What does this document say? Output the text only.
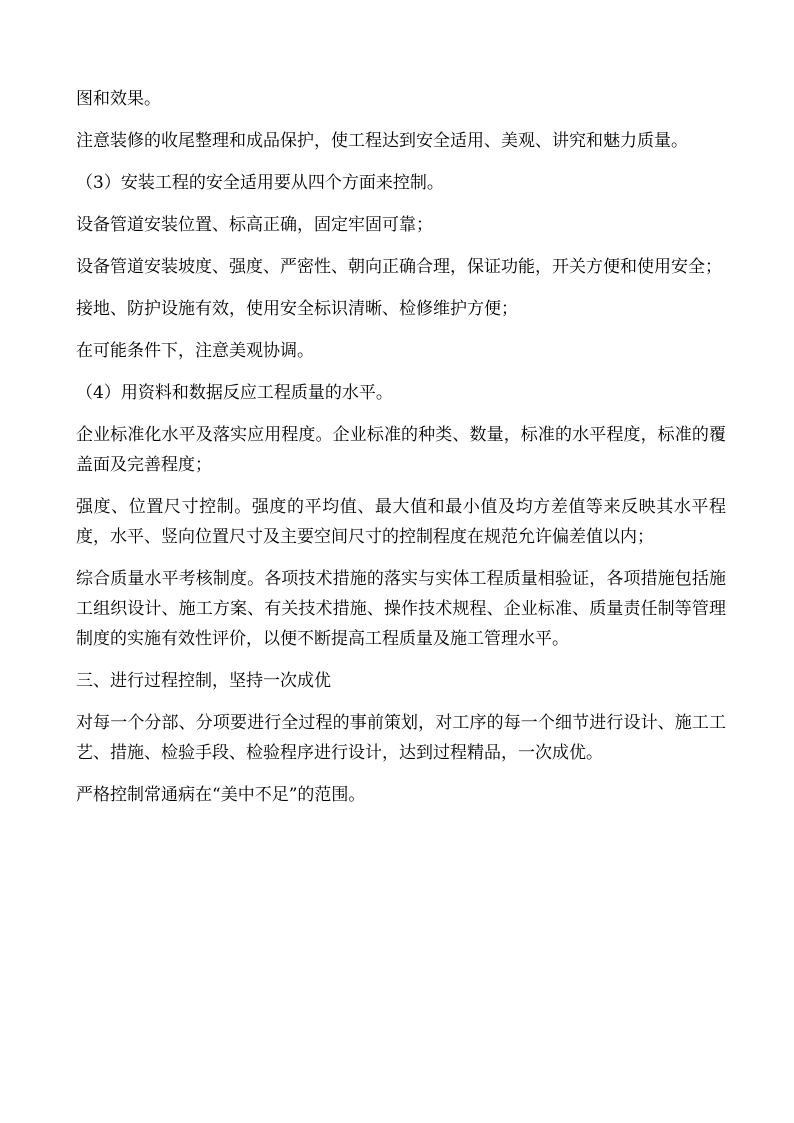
图和效果。

注意装修的收尾整理和成品保护，使工程达到安全适用、美观、讲究和魅力质量。

（3）安装工程的安全适用要从四个方面来控制。

设备管道安装位置、标高正确，固定牢固可靠；

设备管道安装坡度、强度、严密性、朝向正确合理，保证功能，开关方便和使用安全；

接地、防护设施有效，使用安全标识清晰、检修维护方便；

在可能条件下，注意美观协调。

（4）用资料和数据反应工程质量的水平。

企业标准化水平及落实应用程度。企业标准的种类、数量，标准的水平程度，标准的覆盖面及完善程度；

强度、位置尺寸控制。强度的平均值、最大值和最小值及均方差值等来反映其水平程度，水平、竖向位置尺寸及主要空间尺寸的控制程度在规范允许偏差值以内；

综合质量水平考核制度。各项技术措施的落实与实体工程质量相验证，各项措施包括施工组织设计、施工方案、有关技术措施、操作技术规程、企业标准、质量责任制等管理制度的实施有效性评价，以便不断提高工程质量及施工管理水平。

三、进行过程控制，坚持一次成优

对每一个分部、分项要进行全过程的事前策划，对工序的每一个细节进行设计、施工工艺、措施、检验手段、检验程序进行设计，达到过程精品，一次成优。

严格控制常通病在“美中不足”的范围。
